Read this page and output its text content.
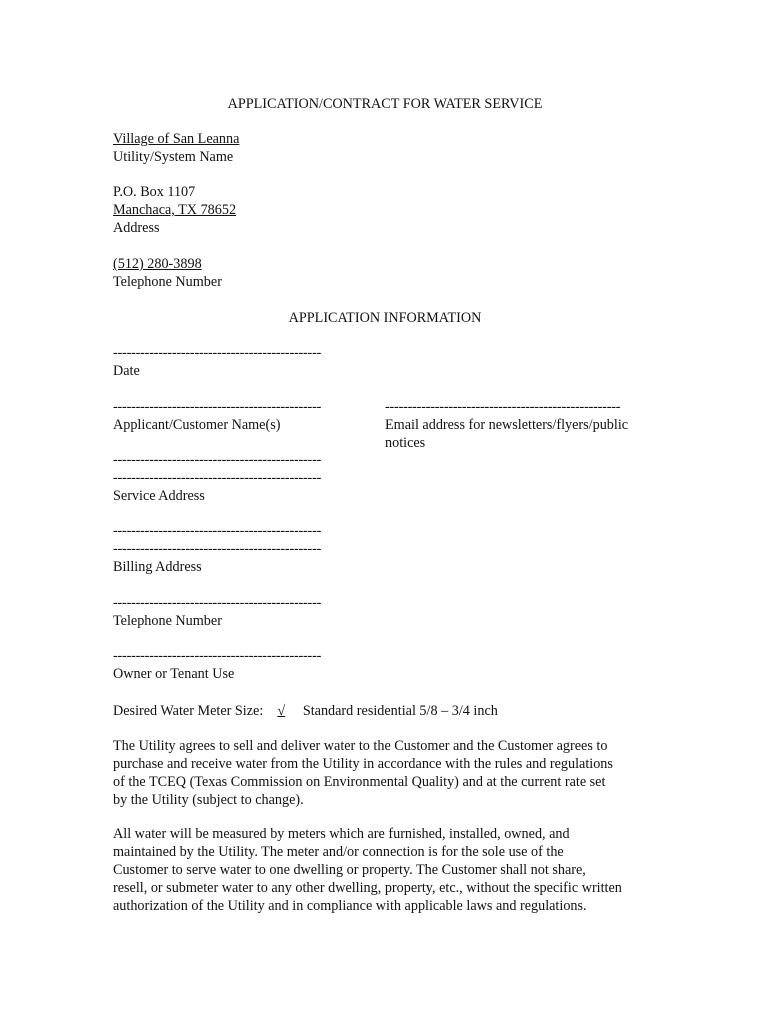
APPLICATION/CONTRACT FOR WATER SERVICE
Village of San Leanna
Utility/System Name
P.O. Box 1107
Manchaca, TX 78652
Address
(512) 280-3898
Telephone Number
APPLICATION INFORMATION
----------------------------------------------
Date
----------------------------------------------
Applicant/Customer Name(s)
----------------------------------------------------
Email address for newsletters/flyers/public
notices
----------------------------------------------
----------------------------------------------
Service Address
----------------------------------------------
----------------------------------------------
Billing Address
----------------------------------------------
Telephone Number
----------------------------------------------
Owner or Tenant Use
Desired Water Meter Size: √ Standard residential 5/8 – 3/4 inch
The Utility agrees to sell and deliver water to the Customer and the Customer agrees to
purchase and receive water from the Utility in accordance with the rules and regulations
of the TCEQ (Texas Commission on Environmental Quality) and at the current rate set
by the Utility (subject to change).
All water will be measured by meters which are furnished, installed, owned, and
maintained by the Utility. The meter and/or connection is for the sole use of the
Customer to serve water to one dwelling or property. The Customer shall not share,
resell, or submeter water to any other dwelling, property, etc., without the specific written
authorization of the Utility and in compliance with applicable laws and regulations.
